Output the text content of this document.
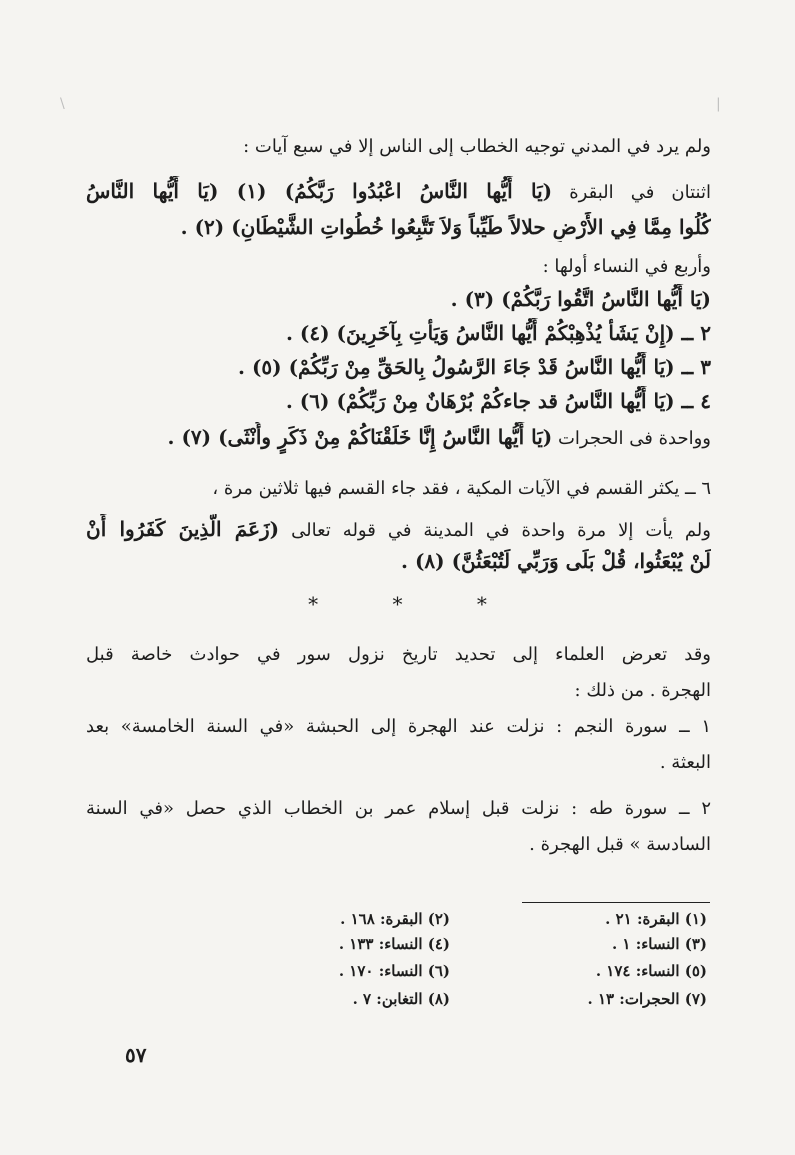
\	|
ولم يرد في المدني توجيه الخطاب إلى الناس إلا في سبع آيات :
اثنتان في البقرة (يَا أَيُّها النَّاسُ اعْبُدُوا رَبَّكُمُ) (١) (يَا أَيُّها النَّاسُ
كُلُوا مِمَّا فِي الأَرْضِ حلالاً طَيِّباً وَلاَ تَتَّبِعُوا خُطُواتِ الشَّيْطَانِ) (٢) .
وأربع في النساء أولها :
(يَا أَيُّها النَّاسُ اتَّقُوا رَبَّكُمْ) (٣) .
٢ ــ (إِنْ يَشَأْ يُذْهِبْكُمْ أَيُّها النَّاسُ وَيَأْتِ بِآخَرِينَ) (٤) .
٣ ــ (يَا أَيُّها النَّاسُ قَدْ جَاءَ الرَّسُولُ بِالحَقِّ مِنْ رَبِّكُمْ) (٥) .
٤ ــ (يَا أَيُّها النَّاسُ قد جاءكُمْ بُرْهَانٌ مِنْ رَبِّكُمْ) (٦) .
وواحدة فى الحجرات (يَا أَيُّها النَّاسُ إِنَّا خَلَقْنَاكُمْ مِنْ ذَكَرٍ وأُنْثَى) (٧) .
٦ ــ يكثر القسم في الآيات المكية ، فقد جاء القسم فيها ثلاثين مرة ،
ولم يأت إلا مرة واحدة في المدينة في قوله تعالى (زَعَمَ الَّذِينَ كَفَرُوا أَنْ
لَنْ يُبْعَثُوا، قُلْ بَلَى وَرَبِّي لَتُبْعَثُنَّ) (٨) .
* * *
وقد تعرض العلماء إلى تحديد تاريخ نزول سور في حوادث خاصة قبل
الهجرة . من ذلك :
١ ــ سورة النجم : نزلت عند الهجرة إلى الحبشة «في السنة الخامسة» بعد
البعثة .
٢ ــ سورة طه : نزلت قبل إسلام عمر بن الخطاب الذي حصل «في السنة
السادسة » قبل الهجرة .
(١) البقرة: ٢١ .
(٢) البقرة: ١٦٨ .
(٣) النساء: ١ .
(٤) النساء: ١٣٣ .
(٥) النساء: ١٧٤ .
(٦) النساء: ١٧٠ .
(٧) الحجرات: ١٣ .
(٨) التغابن: ٧ .
٥٧
